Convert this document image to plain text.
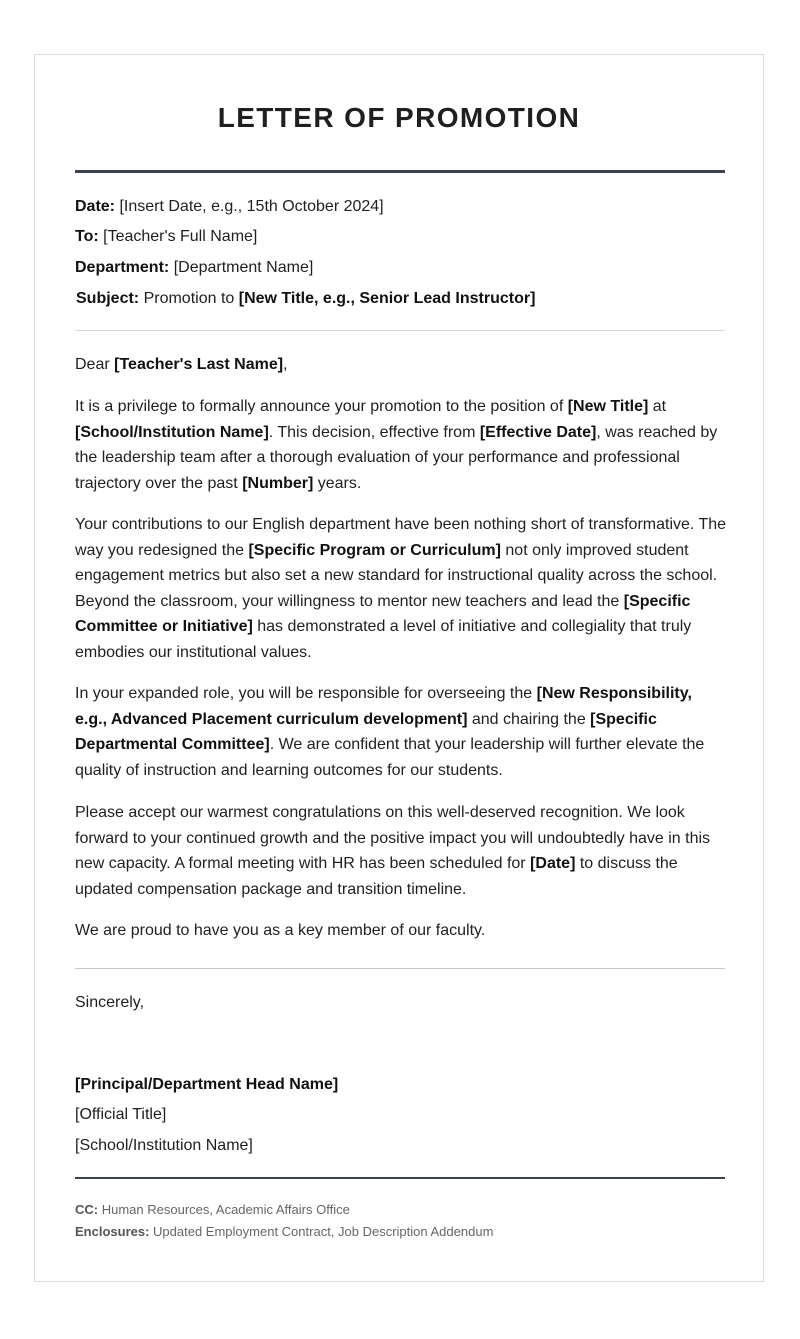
LETTER OF PROMOTION
Date: [Insert Date, e.g., 15th October 2024]
To: [Teacher's Full Name]
Department: [Department Name]
Subject: Promotion to [New Title, e.g., Senior Lead Instructor]
Dear [Teacher's Last Name],
It is a privilege to formally announce your promotion to the position of [New Title] at
[School/Institution Name]. This decision, effective from [Effective Date], was reached by the leadership team after a thorough evaluation of your performance and professional trajectory over the past [Number] years.
Your contributions to our English department have been nothing short of transformative. The way you redesigned the [Specific Program or Curriculum] not only improved student engagement metrics but also set a new standard for instructional quality across the school. Beyond the classroom, your willingness to mentor new teachers and lead the [Specific Committee or Initiative] has demonstrated a level of initiative and collegiality that truly embodies our institutional values.
In your expanded role, you will be responsible for overseeing the [New Responsibility, e.g., Advanced Placement curriculum development] and chairing the [Specific Departmental Committee]. We are confident that your leadership will further elevate the quality of instruction and learning outcomes for our students.
Please accept our warmest congratulations on this well-deserved recognition. We look forward to your continued growth and the positive impact you will undoubtedly have in this new capacity. A formal meeting with HR has been scheduled for [Date] to discuss the updated compensation package and transition timeline.
We are proud to have you as a key member of our faculty.
Sincerely,
[Principal/Department Head Name]
[Official Title]
[School/Institution Name]
CC: Human Resources, Academic Affairs Office
Enclosures: Updated Employment Contract, Job Description Addendum
